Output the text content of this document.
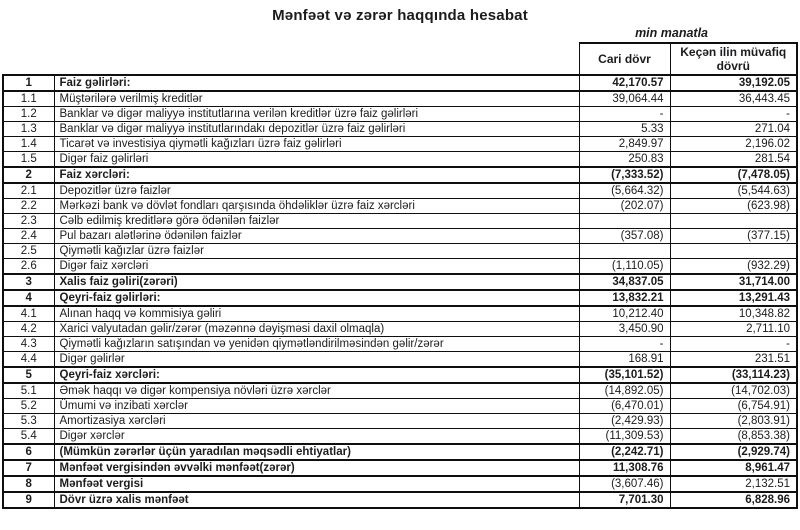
Mənfəət və zərər haqqında hesabat
min manatla
		Cari dövr	Keçən ilin müvafiq dövrü
1	Faiz gəlirləri:	42,170.57	39,192.05
1.1	Müştərilərə verilmiş kreditlər	39,064.44	36,443.45
1.2	Banklar və digər maliyyə institutlarına verilən kreditlər üzrə faiz gəlirləri	-	-
1.3	Banklar və digər maliyyə institutlarındakı depozitlər üzrə faiz gəlirləri	5.33	271.04
1.4	Ticarət və investisiya qiymətli kağızları üzrə faiz gəlirləri	2,849.97	2,196.02
1.5	Digər faiz gəlirləri	250.83	281.54
2	Faiz xərcləri:	(7,333.52)	(7,478.05)
2.1	Depozitlər üzrə faizlər	(5,664.32)	(5,544.63)
2.2	Mərkəzi bank və dövlət fondları qarşısında öhdəliklər üzrə faiz xərcləri	(202.07)	(623.98)
2.3	Cəlb edilmiş kreditlərə görə ödənilən faizlər		
2.4	Pul bazarı alətlərinə ödənilən faizlər	(357.08)	(377.15)
2.5	Qiymətli kağızlar üzrə faizlər		
2.6	Digər faiz xərcləri	(1,110.05)	(932.29)
3	Xalis faiz gəliri(zərəri)	34,837.05	31,714.00
4	Qeyri-faiz gəlirləri:	13,832.21	13,291.43
4.1	Alınan haqq və kommisiya gəliri	10,212.40	10,348.82
4.2	Xarici valyutadan gəlir/zərər (məzənnə dəyişməsi daxil olmaqla)	3,450.90	2,711.10
4.3	Qiymətli kağızların satışından və yenidən qiymətləndirilməsindən gəlir/zərər	-	-
4.4	Digər gəlirlər	168.91	231.51
5	Qeyri-faiz xərcləri:	(35,101.52)	(33,114.23)
5.1	Əmək haqqı və digər kompensiya növləri üzrə xərclər	(14,892.05)	(14,702.03)
5.2	Ümumi və inzibati xərclər	(6,470.01)	(6,754.91)
5.3	Amortizasiya xərcləri	(2,429.93)	(2,803.91)
5.4	Digər xərclər	(11,309.53)	(8,853.38)
6	(Mümkün zərərlər üçün yaradılan məqsədli ehtiyatlar)	(2,242.71)	(2,929.74)
7	Mənfəət vergisindən əvvəlki mənfəət(zərər)	11,308.76	8,961.47
8	Mənfəət vergisi	(3,607.46)	2,132.51
9	Dövr üzrə xalis mənfəət	7,701.30	6,828.96
